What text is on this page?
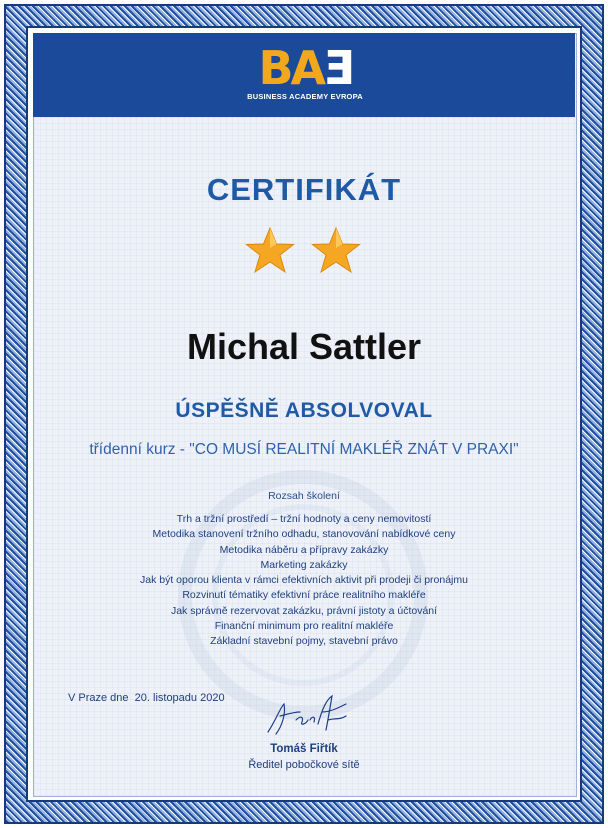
BAƎ
BUSINESS ACADEMY EVROPA
CERTIFIKÁT
Michal Sattler
ÚSPĚŠNĚ ABSOLVOVAL
třídenní kurz - "CO MUSÍ REALITNÍ MAKLÉŘ ZNÁT V PRAXI"
Rozsah školení
Trh a tržní prostředí – tržní hodnoty a ceny nemovitostí
Metodika stanovení tržního odhadu, stanovování nabídkové ceny
Metodika náběru a přípravy zakázky
Marketing zakázky
Jak být oporou klienta v rámci efektivních aktivit při prodeji či pronájmu
Rozvinutí tématiky efektivní práce realitního makléře
Jak správně rezervovat zakázku, právní jistoty a účtování
Finanční minimum pro realitní makléře
Základní stavební pojmy, stavební právo
V Praze dne  20. listopadu 2020
Tomáš Fiřtík
Ředitel pobočkové sítě
